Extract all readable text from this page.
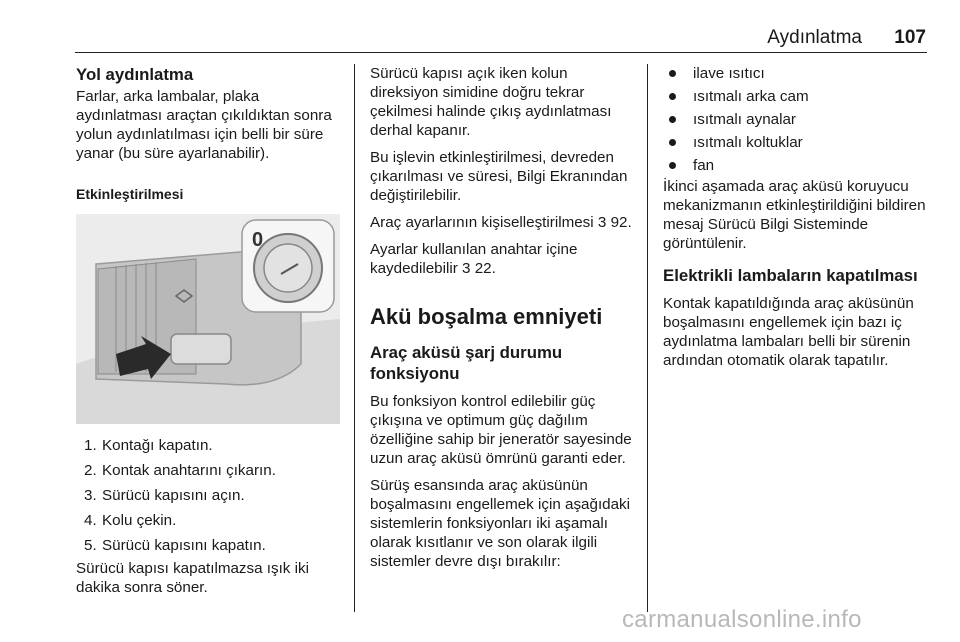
Aydınlatma 107
Yol aydınlatma

Farlar, arka lambalar, plaka aydınlatması araçtan çıkıldıktan sonra yolun aydınlatılması için belli bir süre yanar (bu süre ayarlanabilir).

Etkinleştirilmesi
0
1. Kontağı kapatın.
2. Kontak anahtarını çıkarın.
3. Sürücü kapısını açın.
4. Kolu çekin.
5. Sürücü kapısını kapatın.

Sürücü kapısı kapatılmazsa ışık iki dakika sonra söner.

Sürücü kapısı açık iken kolun direksiyon simidine doğru tekrar çekilmesi halinde çıkış aydınlatması derhal kapanır.

Bu işlevin etkinleştirilmesi, devreden çıkarılması ve süresi, Bilgi Ekranından değiştirilebilir.

Araç ayarlarının kişiselleştirilmesi 3 92.

Ayarlar kullanılan anahtar içine kaydedilebilir 3 22.

Akü boşalma emniyeti
Araç aküsü şarj durumu fonksiyonu

Bu fonksiyon kontrol edilebilir güç çıkışına ve optimum güç dağılım özelliğine sahip bir jeneratör sayesinde uzun araç aküsü ömrünü garanti eder.

Sürüş esansında araç aküsünün boşalmasını engellemek için aşağıdaki sistemlerin fonksiyonları iki aşamalı olarak kısıtlanır ve son olarak ilgili sistemler devre dışı bırakılır:

ilave ısıtıcı
ısıtmalı arka cam
ısıtmalı aynalar
ısıtmalı koltuklar
fan

İkinci aşamada araç aküsü koruyucu mekanizmanın etkinleştirildiğini bildiren mesaj Sürücü Bilgi Sisteminde görüntülenir.

Elektrikli lambaların kapatılması

Kontak kapatıldığında araç aküsünün boşalmasını engellemek için bazı iç aydınlatma lambaları belli bir sürenin ardından otomatik olarak tapatılır.

carmanualsonline.info
